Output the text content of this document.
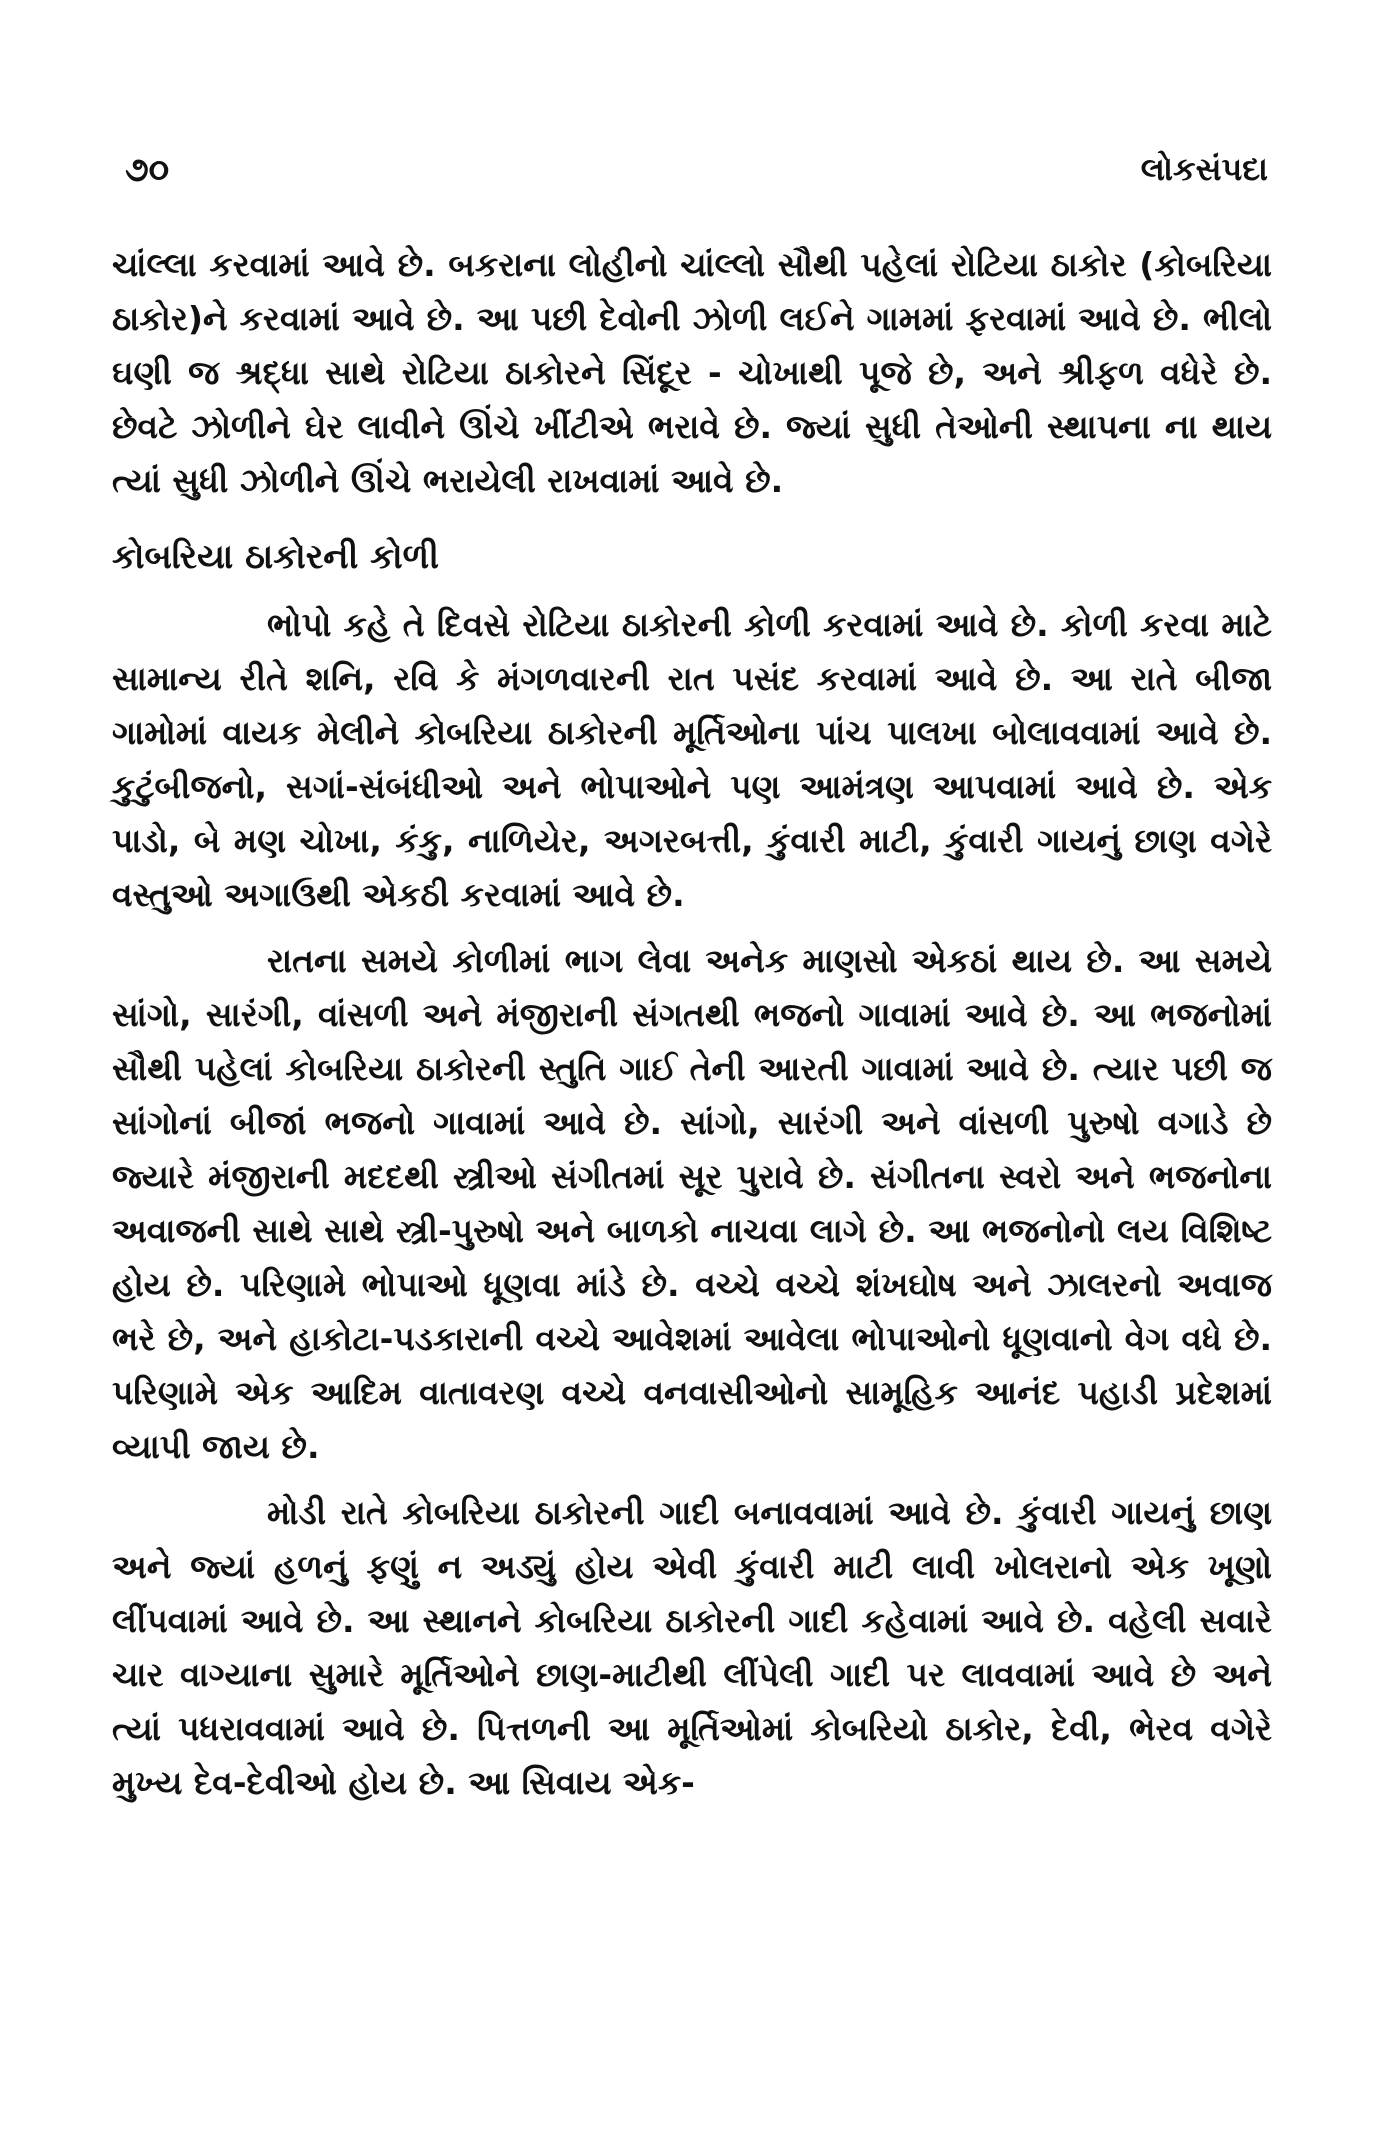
૭૦	લોકસંપદા

ચાંલ્લા કરવામાં આવે છે. બકરાના લોહીનો ચાંલ્લો સૌથી પહેલાં રોટિયા ઠાકોર (કોબરિયા ઠાકોર)ને કરવામાં આવે છે. આ પછી દેવોની ઝોળી લઈને ગામમાં ફરવામાં આવે છે. ભીલો ઘણી જ શ્રદ્ધા સાથે રોટિયા ઠાકોરને સિંદૂર - ચોખાથી પૂજે છે, અને શ્રીફળ વધેરે છે. છેવટે ઝોળીને ઘેર લાવીને ઊંચે ખીંટીએ ભરાવે છે. જ્યાં સુધી તેઓની સ્થાપના ના થાય ત્યાં સુધી ઝોળીને ઊંચે ભરાયેલી રાખવામાં આવે છે.

કોબરિયા ઠાકોરની કોળી

ભોપો કહે તે દિવસે રોટિયા ઠાકોરની કોળી કરવામાં આવે છે. કોળી કરવા માટે સામાન્ય રીતે શનિ, રવિ કે મંગળવારની રાત પસંદ કરવામાં આવે છે. આ રાતે બીજા ગામોમાં વાયક મેલીને કોબરિયા ઠાકોરની મૂર્તિઓના પાંચ પાલખા બોલાવવામાં આવે છે. કુટુંબીજનો, સગાં-સંબંધીઓ અને ભોપાઓને પણ આમંત્રણ આપવામાં આવે છે. એક પાડો, બે મણ ચોખા, કંકુ, નાળિયેર, અગરબત્તી, કુંવારી માટી, કુંવારી ગાયનું છાણ વગેરે વસ્તુઓ અગાઉથી એકઠી કરવામાં આવે છે.

રાતના સમયે કોળીમાં ભાગ લેવા અનેક માણસો એકઠાં થાય છે. આ સમયે સાંગો, સારંગી, વાંસળી અને મંજીરાની સંગતથી ભજનો ગાવામાં આવે છે. આ ભજનોમાં સૌથી પહેલાં કોબરિયા ઠાકોરની સ્તુતિ ગાઈ તેની આરતી ગાવામાં આવે છે. ત્યાર પછી જ સાંગોનાં બીજાં ભજનો ગાવામાં આવે છે. સાંગો, સારંગી અને વાંસળી પુરુષો વગાડે છે જ્યારે મંજીરાની મદદથી સ્ત્રીઓ સંગીતમાં સૂર પુરાવે છે. સંગીતના સ્વરો અને ભજનોના અવાજની સાથે સાથે સ્ત્રી-પુરુષો અને બાળકો નાચવા લાગે છે. આ ભજનોનો લય વિશિષ્ટ હોય છે. પરિણામે ભોપાઓ ધૂણવા માંડે છે. વચ્ચે વચ્ચે શંખઘોષ અને ઝાલરનો અવાજ ભરે છે, અને હાકોટા-પડકારાની વચ્ચે આવેશમાં આવેલા ભોપાઓનો ધૂણવાનો વેગ વધે છે. પરિણામે એક આદિમ વાતાવરણ વચ્ચે વનવાસીઓનો સામૂહિક આનંદ પહાડી પ્રદેશમાં વ્યાપી જાય છે.

મોડી રાતે કોબરિયા ઠાકોરની ગાદી બનાવવામાં આવે છે. કુંવારી ગાયનું છાણ અને જ્યાં હળનું ફણું ન અડ્યું હોય એવી કુંવારી માટી લાવી ખોલરાનો એક ખૂણો લીંપવામાં આવે છે. આ સ્થાનને કોબરિયા ઠાકોરની ગાદી કહેવામાં આવે છે. વહેલી સવારે ચાર વાગ્યાના સુમારે મૂર્તિઓને છાણ-માટીથી લીંપેલી ગાદી પર લાવવામાં આવે છે અને ત્યાં પધરાવવામાં આવે છે. પિત્તળની આ મૂર્તિઓમાં કોબરિયો ઠાકોર, દેવી, ભેરવ વગેરે મુખ્ય દેવ-દેવીઓ હોય છે. આ સિવાય એક-
